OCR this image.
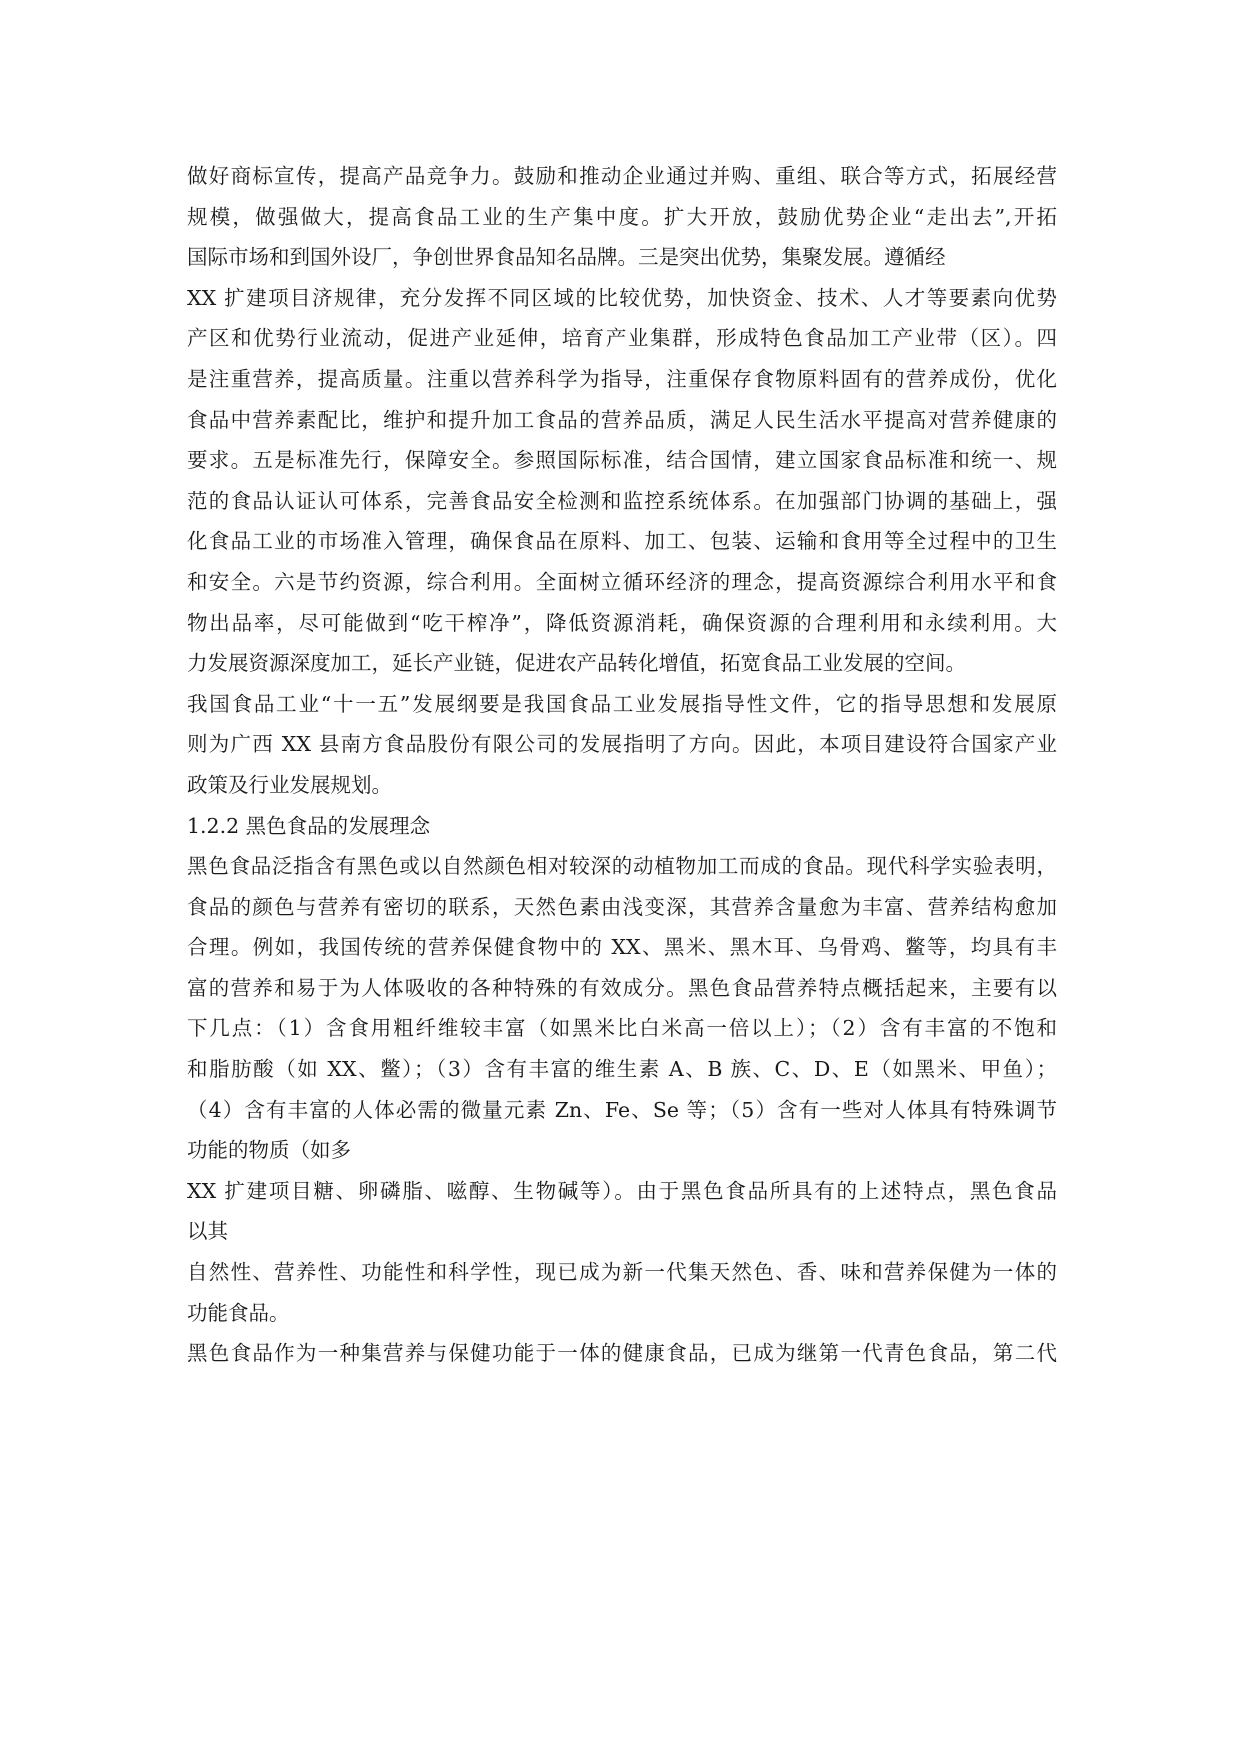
做好商标宣传，提高产品竞争力。鼓励和推动企业通过并购、重组、联合等方式，拓展经营
规模，做强做大，提高食品工业的生产集中度。扩大开放，鼓励优势企业“走出去”,开拓
国际市场和到国外设厂，争创世界食品知名品牌。三是突出优势，集聚发展。遵循经
XX 扩建项目济规律，充分发挥不同区域的比较优势，加快资金、技术、人才等要素向优势
产区和优势行业流动，促进产业延伸，培育产业集群，形成特色食品加工产业带（区）。四
是注重营养，提高质量。注重以营养科学为指导，注重保存食物原料固有的营养成份，优化
食品中营养素配比，维护和提升加工食品的营养品质，满足人民生活水平提高对营养健康的
要求。五是标准先行，保障安全。参照国际标准，结合国情，建立国家食品标准和统一、规
范的食品认证认可体系，完善食品安全检测和监控系统体系。在加强部门协调的基础上，强
化食品工业的市场准入管理，确保食品在原料、加工、包装、运输和食用等全过程中的卫生
和安全。六是节约资源，综合利用。全面树立循环经济的理念，提高资源综合利用水平和食
物出品率，尽可能做到“吃干榨净”，降低资源消耗，确保资源的合理利用和永续利用。大
力发展资源深度加工，延长产业链，促进农产品转化增值，拓宽食品工业发展的空间。
我国食品工业“十一五”发展纲要是我国食品工业发展指导性文件，它的指导思想和发展原
则为广西 XX 县南方食品股份有限公司的发展指明了方向。因此，本项目建设符合国家产业
政策及行业发展规划。
1.2.2 黑色食品的发展理念
黑色食品泛指含有黑色或以自然颜色相对较深的动植物加工而成的食品。现代科学实验表明，
食品的颜色与营养有密切的联系，天然色素由浅变深，其营养含量愈为丰富、营养结构愈加
合理。例如，我国传统的营养保健食物中的 XX、黑米、黑木耳、乌骨鸡、鳖等，均具有丰
富的营养和易于为人体吸收的各种特殊的有效成分。黑色食品营养特点概括起来，主要有以
下几点：（1）含食用粗纤维较丰富（如黑米比白米高一倍以上）；（2）含有丰富的不饱和
和脂肪酸（如 XX、鳖）；（3）含有丰富的维生素 A、B 族、C、D、E（如黑米、甲鱼）；
（4）含有丰富的人体必需的微量元素 Zn、Fe、Se 等；（5）含有一些对人体具有特殊调节
功能的物质（如多
XX 扩建项目糖、卵磷脂、嗞醇、生物碱等）。由于黑色食品所具有的上述特点，黑色食品
以其
自然性、营养性、功能性和科学性，现已成为新一代集天然色、香、味和营养保健为一体的
功能食品。
黑色食品作为一种集营养与保健功能于一体的健康食品，已成为继第一代青色食品，第二代
